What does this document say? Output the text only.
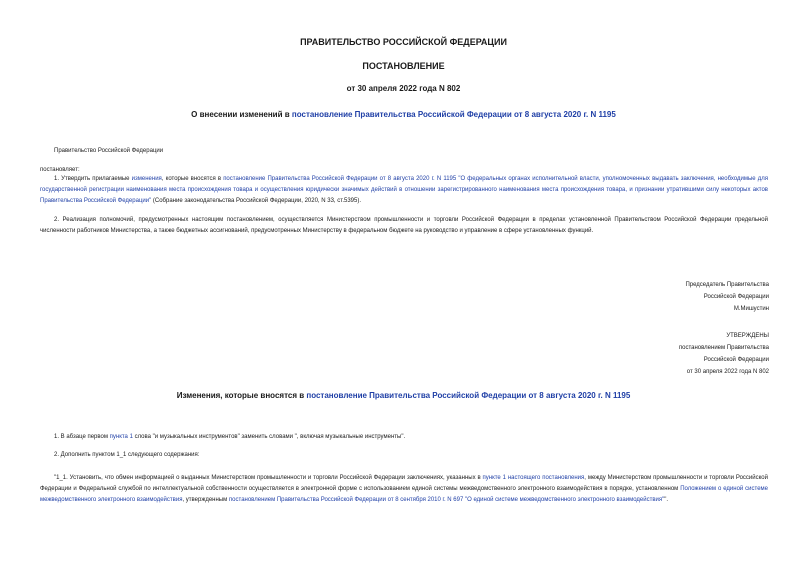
ПРАВИТЕЛЬСТВО РОССИЙСКОЙ ФЕДЕРАЦИИ
ПОСТАНОВЛЕНИЕ
от 30 апреля 2022 года N 802
О внесении изменений в постановление Правительства Российской Федерации от 8 августа 2020 г. N 1195
Правительство Российской Федерации
постановляет:
1. Утвердить прилагаемые изменения, которые вносятся в постановление Правительства Российской Федерации от 8 августа 2020 г. N 1195 "О федеральных органах исполнительной власти, уполномоченных выдавать заключения, необходимые для государственной регистрации наименования места происхождения товара и осуществления юридически значимых действий в отношении зарегистрированного наименования места происхождения товара, и признании утратившими силу некоторых актов Правительства Российской Федерации" (Собрание законодательства Российской Федерации, 2020, N 33, ст.5395).
2. Реализация полномочий, предусмотренных настоящим постановлением, осуществляется Министерством промышленности и торговли Российской Федерации в пределах установленной Правительством Российской Федерации предельной численности работников Министерства, а также бюджетных ассигнований, предусмотренных Министерству в федеральном бюджете на руководство и управление в сфере установленных функций.
Председатель Правительства
Российской Федерации
М.Мишустин
УТВЕРЖДЕНЫ
постановлением Правительства
Российской Федерации
от 30 апреля 2022 года N 802
Изменения, которые вносятся в постановление Правительства Российской Федерации от 8 августа 2020 г. N 1195
1. В абзаце первом пункта 1 слова "и музыкальных инструментов" заменить словами ", включая музыкальные инструменты".
2. Дополнить пунктом 1_1 следующего содержания:
"1_1. Установить, что обмен информацией о выданных Министерством промышленности и торговли Российской Федерации заключениях, указанных в пункте 1 настоящего постановления, между Министерством промышленности и торговли Российской Федерации и Федеральной службой по интеллектуальной собственности осуществляется в электронной форме с использованием единой системы межведомственного электронного взаимодействия в порядке, установленном Положением о единой системе межведомственного электронного взаимодействия, утвержденным постановлением Правительства Российской Федерации от 8 сентября 2010 г. N 697 "О единой системе межведомственного электронного взаимодействия"".
